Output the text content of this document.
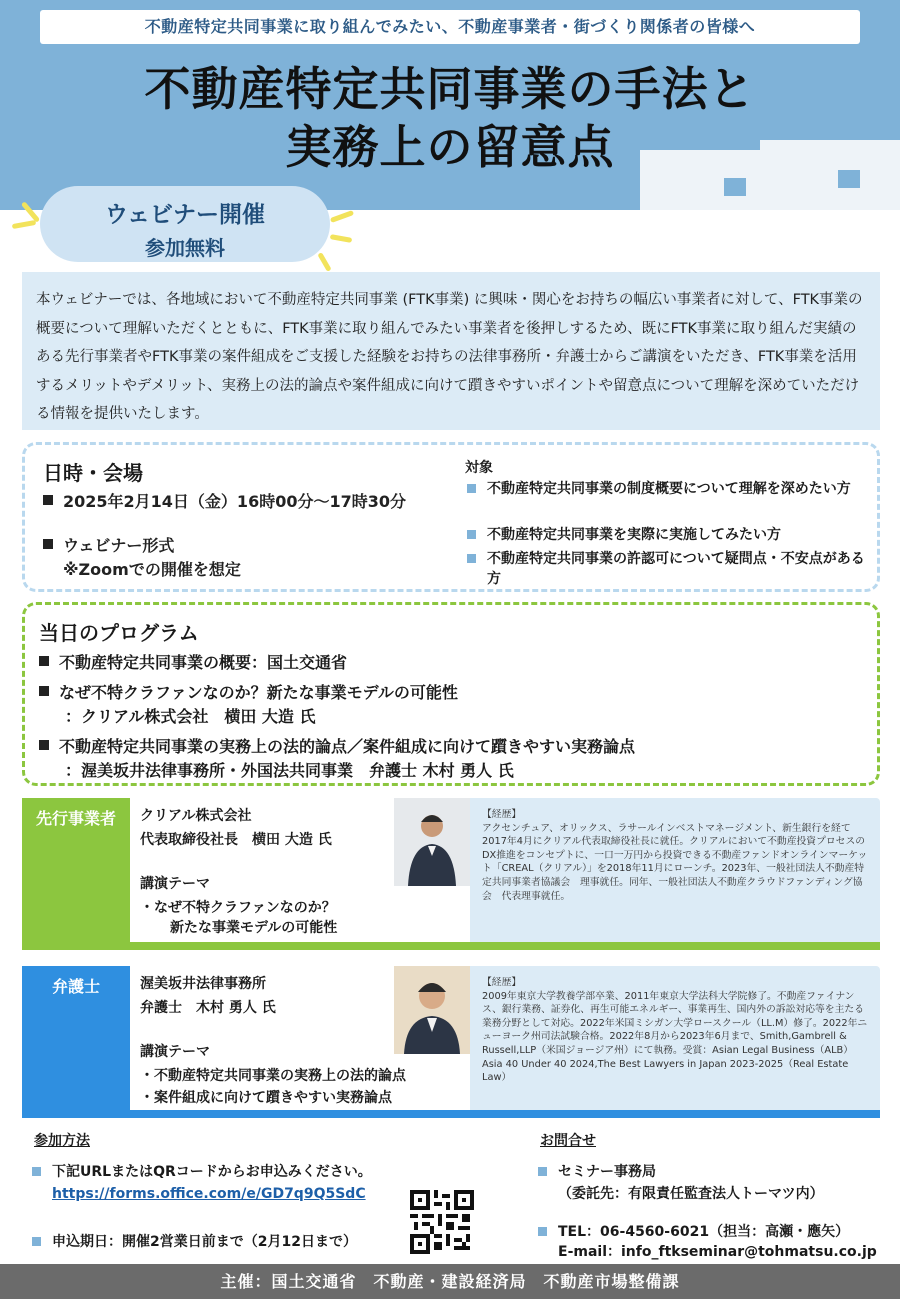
不動産特定共同事業に取り組んでみたい、不動産事業者・街づくり関係者の皆様へ
不動産特定共同事業の手法と
実務上の留意点
ウェビナー開催
参加無料
本ウェビナーでは、各地域において不動産特定共同事業 (FTK事業) に興味・関心をお持ちの幅広い事業者に対して、FTK事業の概要について理解いただくとともに、FTK事業に取り組んでみたい事業者を後押しするため、既にFTK事業に取り組んだ実績のある先行事業者やFTK事業の案件組成をご支援した経験をお持ちの法律事務所・弁護士からご講演をいただき、FTK事業を活用するメリットやデメリット、実務上の法的論点や案件組成に向けて躓きやすいポイントや留意点について理解を深めていただける情報を提供いたします。
日時・会場
2025年2月14日（金）16時00分～17時30分
ウェビナー形式
※Zoomでの開催を想定
対象
不動産特定共同事業の制度概要について理解を深めたい方
不動産特定共同事業を実際に実施してみたい方
不動産特定共同事業の許認可について疑問点・不安点がある方
当日のプログラム
不動産特定共同事業の概要：国土交通省
なぜ不特クラファンなのか？新たな事業モデルの可能性
：クリアル株式会社　横田 大造 氏
不動産特定共同事業の実務上の法的論点／案件組成に向けて躓きやすい実務論点
：渥美坂井法律事務所・外国法共同事業　弁護士 木村 勇人 氏
先行事業者	クリアル株式会社
代表取締役社長　横田 大造 氏
講演テーマ
・なぜ不特クラファンなのか？
新たな事業モデルの可能性
【経歴】
アクセンチュア、オリックス、ラサールインベストマネージメント、新生銀行を経て2017年4月にクリアル代表取締役社長に就任。クリアルにおいて不動産投資プロセスのDX推進をコンセプトに、一口一万円から投資できる不動産ファンドオンラインマーケット「CREAL（クリアル）」を2018年11月にローンチ。2023年、一般社団法人不動産特定共同事業者協議会　理事就任。同年、一般社団法人不動産クラウドファンディング協会　代表理事就任。
弁護士	渥美坂井法律事務所
弁護士　木村 勇人 氏
講演テーマ
・不動産特定共同事業の実務上の法的論点
・案件組成に向けて躓きやすい実務論点
【経歴】
2009年東京大学教養学部卒業、2011年東京大学法科大学院修了。不動産ファイナンス、銀行業務、証券化、再生可能エネルギー、事業再生、国内外の訴訟対応等を主たる業務分野として対応。2022年米国ミシガン大学ロースクール（LL.M）修了。2022年ニューヨーク州司法試験合格。2022年8月から2023年6月まで、Smith,Gambrell & Russell,LLP（米国ジョージア州）にて執務。受賞：Asian Legal Business（ALB）Asia 40 Under 40 2024,The Best Lawyers in Japan 2023-2025（Real Estate Law）
参加方法
下記URLまたはQRコードからお申込みください。
https://forms.office.com/e/GD7q9Q5SdC
申込期日：開催2営業日前まで（2月12日まで）
お問合せ
セミナー事務局
（委託先：有限責任監査法人トーマツ内）
TEL：06-4560-6021（担当：高瀬・應矢）
E-mail：info_ftkseminar@tohmatsu.co.jp
主催：国土交通省　不動産・建設経済局　不動産市場整備課
